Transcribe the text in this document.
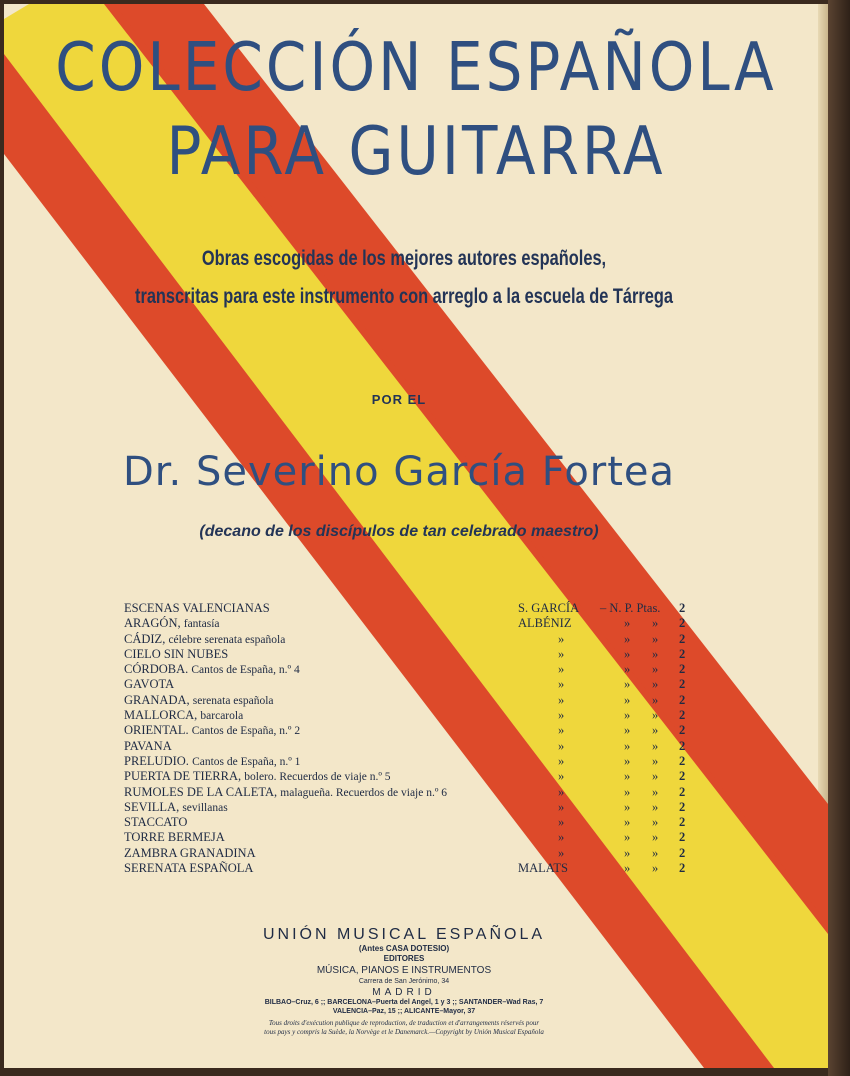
COLECCIÓN ESPAÑOLA
PARA GUITARRA
Obras escogidas de los mejores autores españoles,
transcritas para este instrumento con arreglo a la escuela de Tárrega
POR EL
Dr. Severino García Fortea
(decano de los discípulos de tan celebrado maestro)
ESCENAS VALENCIANAS	S. GARCÍA – N. P. Ptas. 2
ARAGÓN, fantasía	ALBÉNIZ	» » 2
CÁDIZ, célebre serenata española	»	» » 2
CIELO SIN NUBES	»	» » 2
CÓRDOBA. Cantos de España, n.º 4	»	» » 2
GAVOTA	»	» » 2
GRANADA, serenata española	»	» » 2
MALLORCA, barcarola	»	» » 2
ORIENTAL. Cantos de España, n.º 2	»	» » 2
PAVANA	»	» » 2
PRELUDIO. Cantos de España, n.º 1	»	» » 2
PUERTA DE TIERRA, bolero. Recuerdos de viaje n.º 5	»	» » 2
RUMOLES DE LA CALETA, malagueña. Recuerdos de viaje n.º 6	»	» » 2
SEVILLA, sevillanas	»	» » 2
STACCATO	»	» » 2
TORRE BERMEJA	»	» » 2
ZAMBRA GRANADINA	»	» » 2
SERENATA ESPAÑOLA	MALATS	» » 2
UNIÓN MUSICAL ESPAÑOLA
(Antes CASA DOTESIO)
EDITORES
MÚSICA, PIANOS E INSTRUMENTOS
Carrera de San Jerónimo, 34
MADRID
BILBAO–Cruz, 6 ;; BARCELONA–Puerta del Angel, 1 y 3 ;; SANTANDER–Wad Ras, 7
VALENCIA–Paz, 15 ;; ALICANTE–Mayor, 37
Tous droits d'exécution publique de reproduction, de traduction et d'arrangements réservés pour
tous pays y compris la Suède, la Norvège et le Danemarck.—Copyright by Unión Musical Española
